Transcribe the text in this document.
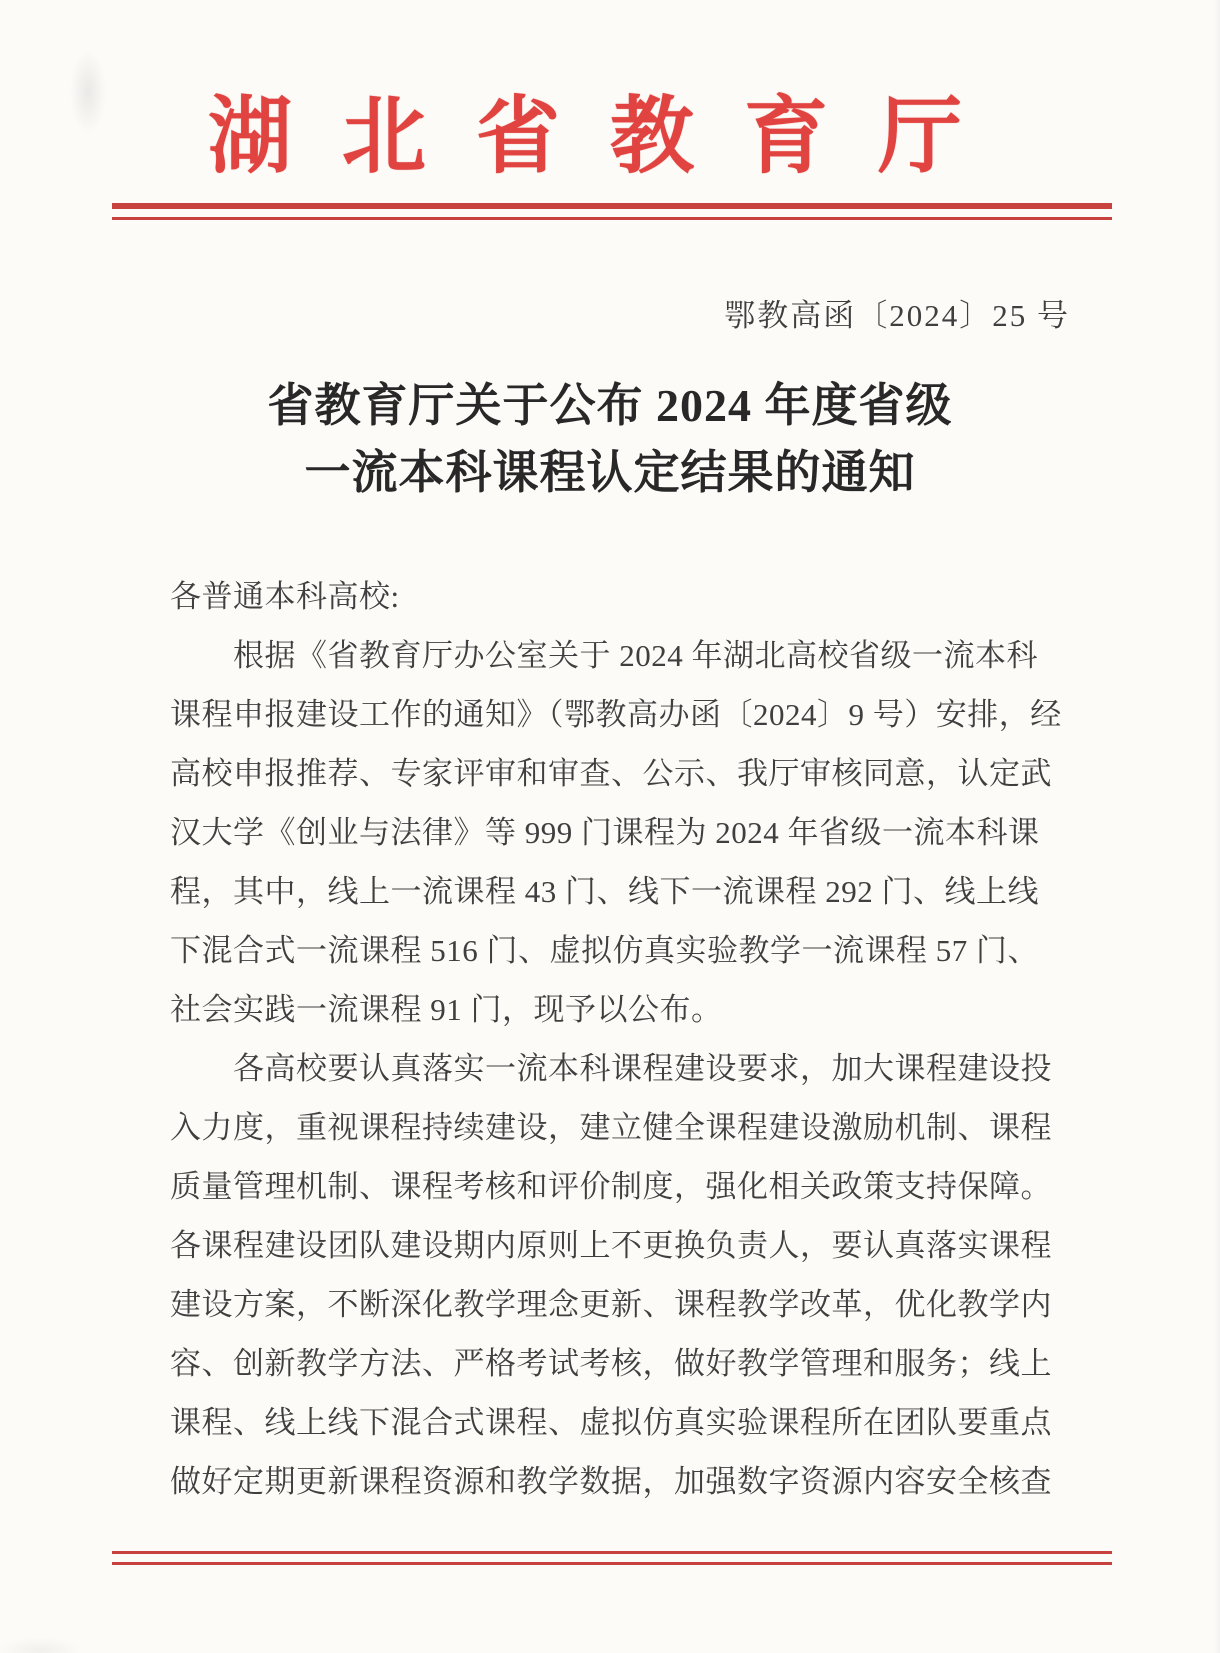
湖北省教育厅
鄂教高函〔2024〕25 号
省教育厅关于公布 2024 年度省级
一流本科课程认定结果的通知
各普通本科高校:
　　根据《省教育厅办公室关于 2024 年湖北高校省级一流本科
课程申报建设工作的通知》（鄂教高办函〔2024〕9 号）安排，经
高校申报推荐、专家评审和审查、公示、我厅审核同意，认定武
汉大学《创业与法律》等 999 门课程为 2024 年省级一流本科课
程，其中，线上一流课程 43 门、线下一流课程 292 门、线上线
下混合式一流课程 516 门、虚拟仿真实验教学一流课程 57 门、
社会实践一流课程 91 门，现予以公布。
　　各高校要认真落实一流本科课程建设要求，加大课程建设投
入力度，重视课程持续建设，建立健全课程建设激励机制、课程
质量管理机制、课程考核和评价制度，强化相关政策支持保障。
各课程建设团队建设期内原则上不更换负责人，要认真落实课程
建设方案，不断深化教学理念更新、课程教学改革，优化教学内
容、创新教学方法、严格考试考核，做好教学管理和服务；线上
课程、线上线下混合式课程、虚拟仿真实验课程所在团队要重点
做好定期更新课程资源和教学数据，加强数字资源内容安全核查
